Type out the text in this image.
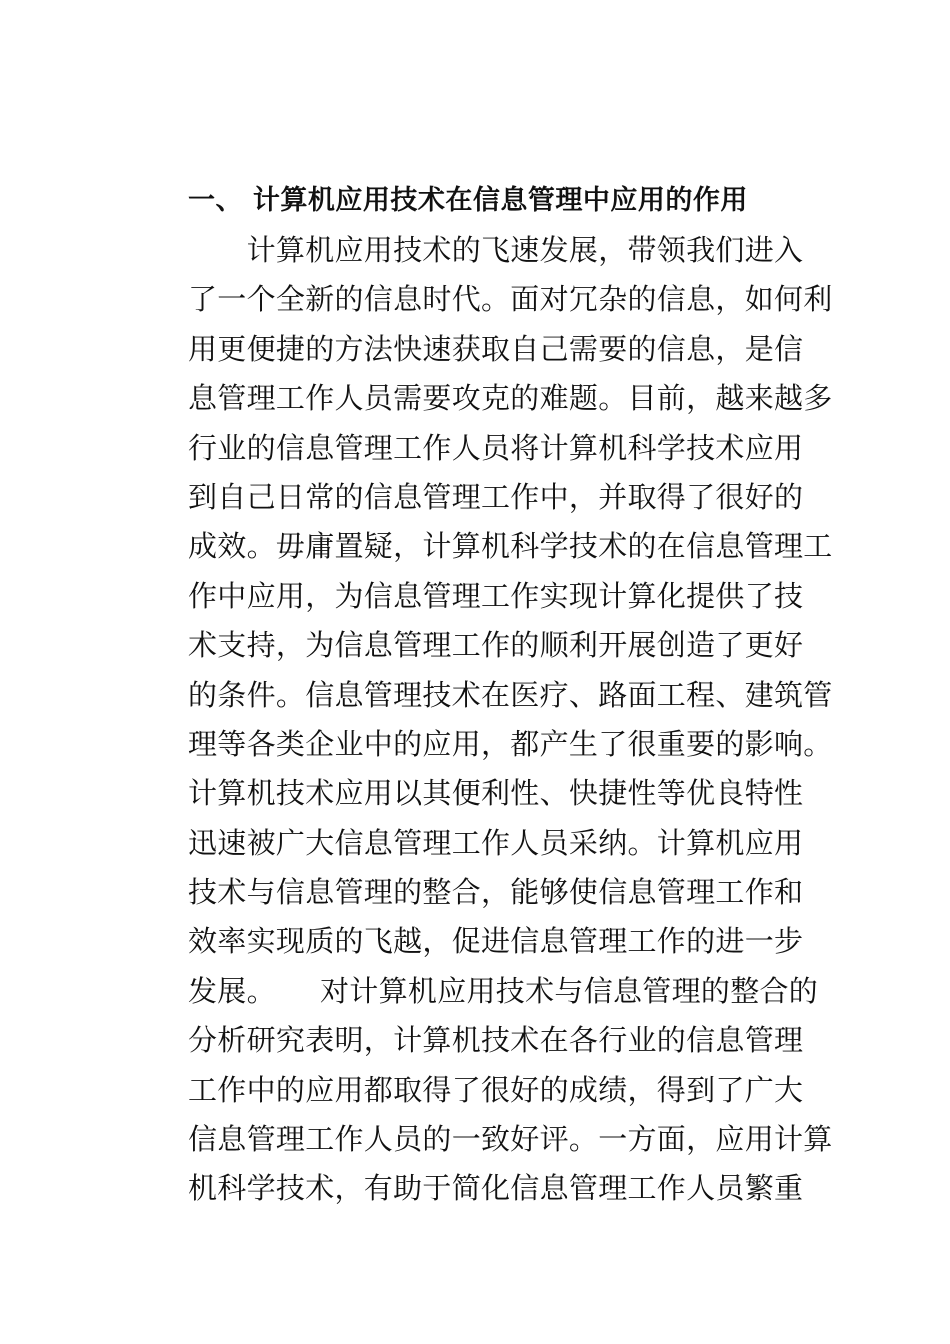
一、 计算机应用技术在信息管理中应用的作用
　　计算机应用技术的飞速发展，带领我们进入
了一个全新的信息时代。面对冗杂的信息，如何利
用更便捷的方法快速获取自己需要的信息，是信
息管理工作人员需要攻克的难题。目前，越来越多
行业的信息管理工作人员将计算机科学技术应用
到自己日常的信息管理工作中，并取得了很好的
成效。毋庸置疑，计算机科学技术的在信息管理工
作中应用，为信息管理工作实现计算化提供了技
术支持，为信息管理工作的顺利开展创造了更好
的条件。信息管理技术在医疗、路面工程、建筑管
理等各类企业中的应用，都产生了很重要的影响。
计算机技术应用以其便利性、快捷性等优良特性
迅速被广大信息管理工作人员采纳。计算机应用
技术与信息管理的整合，能够使信息管理工作和
效率实现质的飞越，促进信息管理工作的进一步
发展。　　对计算机应用技术与信息管理的整合的
分析研究表明，计算机技术在各行业的信息管理
工作中的应用都取得了很好的成绩，得到了广大
信息管理工作人员的一致好评。一方面，应用计算
机科学技术，有助于简化信息管理工作人员繁重
